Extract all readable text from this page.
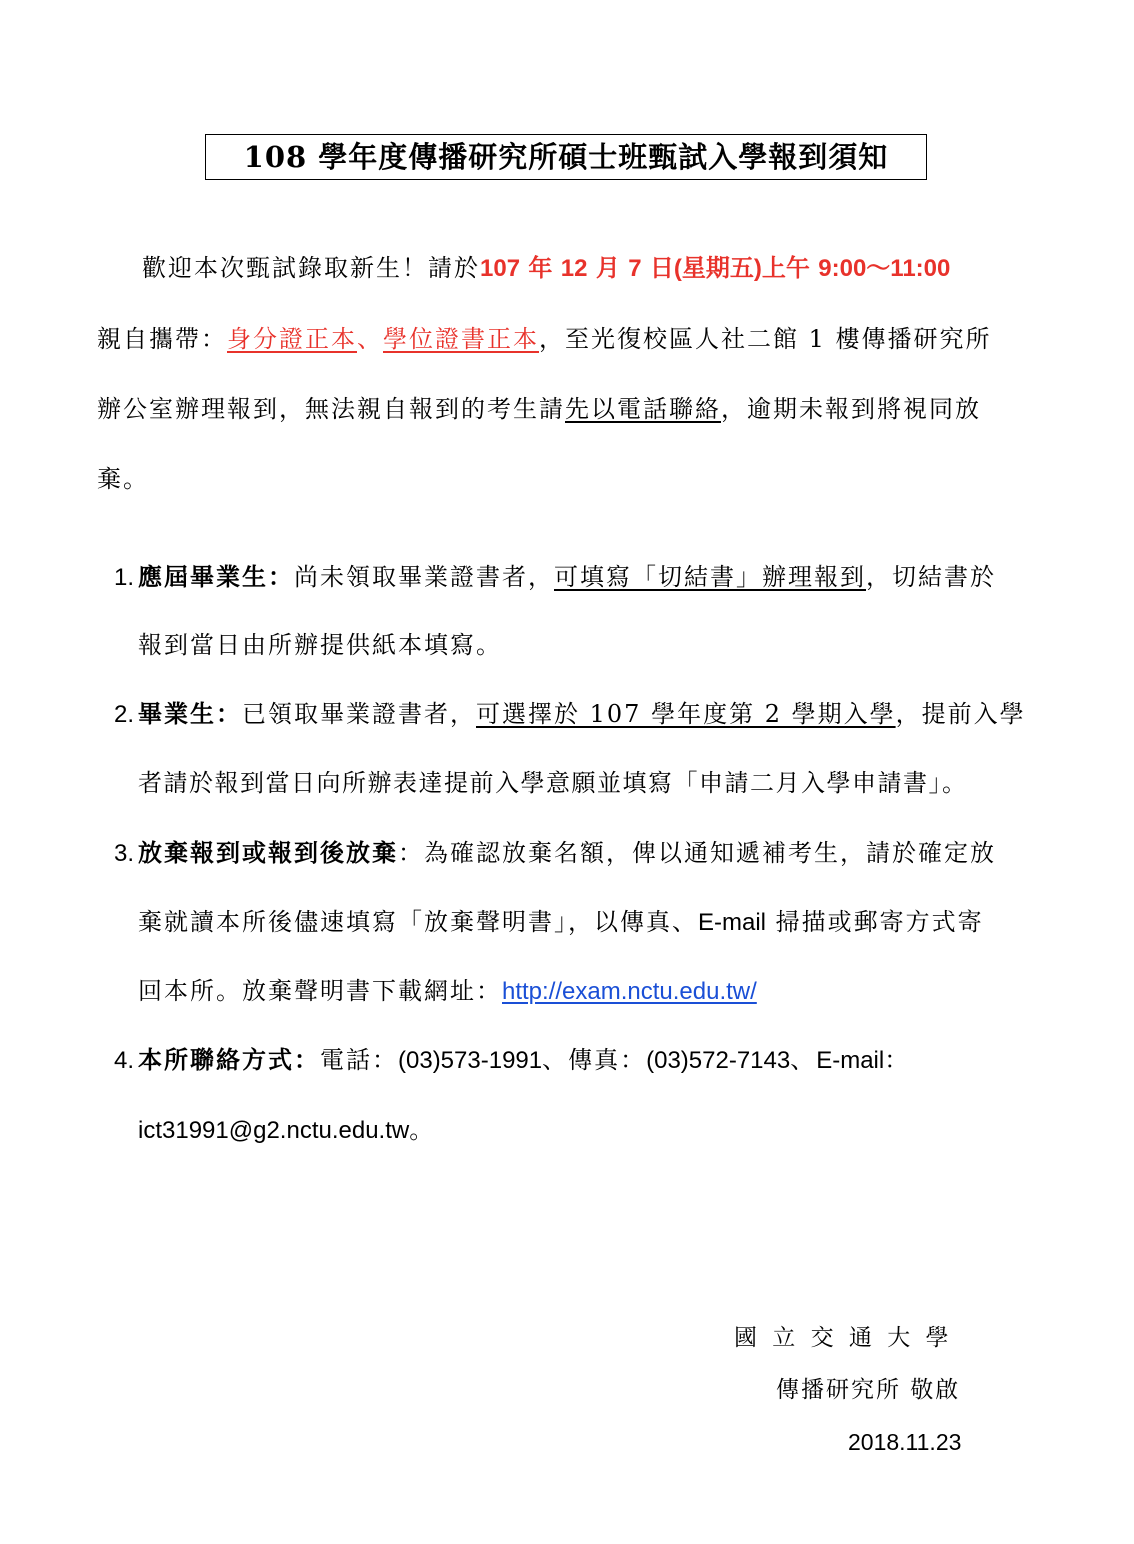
108 學年度傳播研究所碩士班甄試入學報到須知
歡迎本次甄試錄取新生！請於107 年 12 月 7 日(星期五)上午 9:00～11:00
親自攜帶：身分證正本、學位證書正本，至光復校區人社二館 1 樓傳播研究所
辦公室辦理報到，無法親自報到的考生請先以電話聯絡，逾期未報到將視同放
棄。
1. 應屆畢業生：尚未領取畢業證書者，可填寫「切結書」辦理報到，切結書於
報到當日由所辦提供紙本填寫。
2. 畢業生：已領取畢業證書者，可選擇於 107 學年度第 2 學期入學，提前入學
者請於報到當日向所辦表達提前入學意願並填寫「申請二月入學申請書」。
3. 放棄報到或報到後放棄：為確認放棄名額，俾以通知遞補考生，請於確定放
棄就讀本所後儘速填寫「放棄聲明書」，以傳真、E-mail 掃描或郵寄方式寄
回本所。放棄聲明書下載網址：http://exam.nctu.edu.tw/
4. 本所聯絡方式：電話：(03)573-1991、傳真：(03)572-7143、E-mail：
ict31991@g2.nctu.edu.tw。
國 立 交 通 大 學
傳播研究所 敬啟
2018.11.23
